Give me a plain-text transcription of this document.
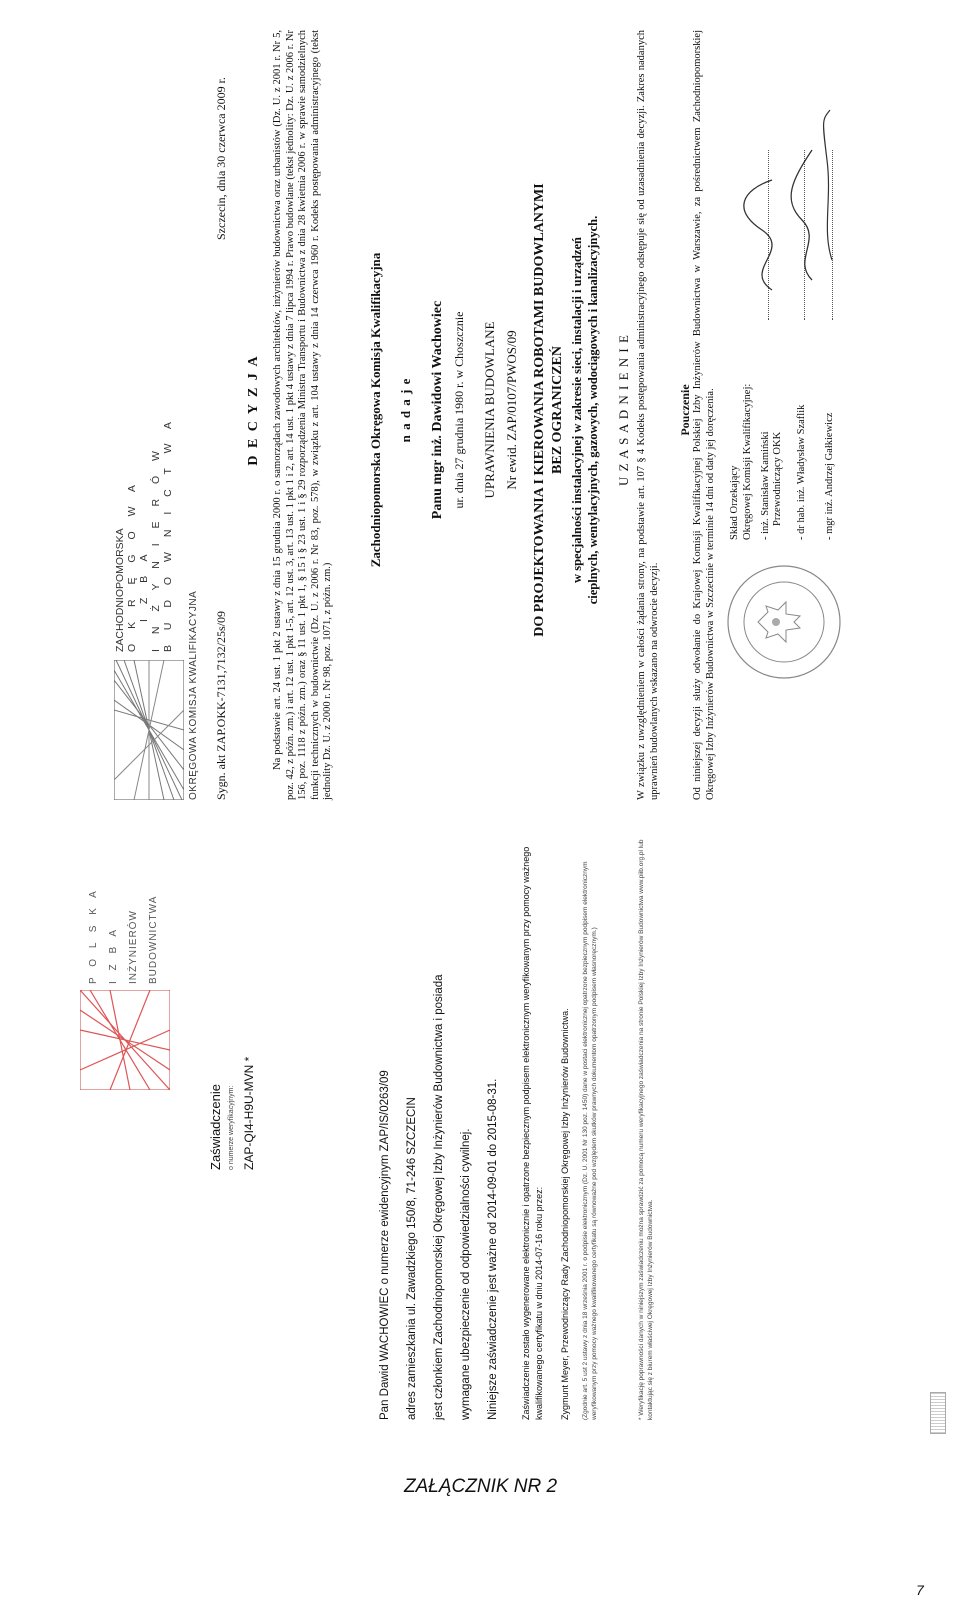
ZACHODNIOPOMORSKA O K R Ę G O W A I Z B A I N Ż Y N I E R Ó W B U D O W N I C T W A
OKRĘGOWA KOMISJA KWALIFIKACYJNA Sygn. akt ZAP.OKK-7131,7132/25s/09
Szczecin, dnia 30 czerwca 2009 r.
D E C Y Z J A Na podstawie art. 24 ust. 1 pkt 2 ustawy z dnia 15 grudnia 2000 r. o samorządach zawodowych architektów, inżynierów budownictwa oraz urbanistów (Dz. U. z 2001 r. Nr 5, poz. 42, z późn. zm.) i art. 12 ust. 1 pkt 1-5, art. 12 ust. 3, art. 13 ust. 1 pkt 1 i 2, art. 14 ust. 1 pkt 4 ustawy z dnia 7 lipca 1994 r. Prawo budowlane (tekst jednolity: Dz. U. z 2006 r. Nr 156, poz. 1118 z późn. zm.) oraz § 11 ust. 1 pkt 1, § 15 i § 23 ust. 1 i § 29 rozporządzenia Ministra Transportu i Budownictwa z dnia 28 kwietnia 2006 r. w sprawie samodzielnych funkcji technicznych w budownictwie (Dz. U. z 2006 r. Nr 83, poz. 578), w związku z art. 104 ustawy z dnia 14 czerwca 1960 r. Kodeks postępowania administracyjnego (tekst jednolity Dz. U. z 2000 r. Nr 98, poz. 1071, z późn. zm.)

Zachodniopomorska Okręgowa Komisja Kwalifikacyjna n a d a j e Panu mgr inż. Dawidowi Wachowiec ur. dnia 27 grudnia 1980 r. w Choszcznie UPRAWNIENIA BUDOWLANE Nr ewid. ZAP/0107/PWOS/09 DO PROJEKTOWANIA I KIEROWANIA ROBOTAMI BUDOWLANYMI BEZ OGRANICZEŃ w specjalności instalacyjnej w zakresie sieci, instalacji i urządzeń cieplnych, wentylacyjnych, gazowych, wodociągowych i kanalizacyjnych. U Z A S A D N I E N I E W związku z uwzględnieniem w całości żądania strony, na podstawie art. 107 § 4 Kodeks postępowania administracyjnego odstępuje się od uzasadnienia decyzji. Zakres nadanych uprawnień budowlanych wskazano na odwrocie decyzji.

Pouczenie Od niniejszej decyzji służy odwołanie do Krajowej Komisji Kwalifikacyjnej Polskiej Izby Inżynierów Budownictwa w Warszawie, za pośrednictwem Zachodniopomorskiej Okręgowej Izby Inżynierów Budownictwa w Szczecinie w terminie 14 dni od daty jej doręczenia. Skład Orzekający Okręgowej Komisji Kwalifikacyjnej: - inż. Stanisław Kamiński Przewodniczący OKK - dr hab. inż. Władysław Szaflik - mgr inż. Andrzej Gałkiewicz
P O L S K A I Z B A INŻYNIERÓW BUDOWNICTWA
Zaświadczenie o numerze weryfikacyjnym: ZAP-QI4-H9U-MVN *	Pan Dawid WACHOWIEC o numerze ewidencyjnym ZAP/IS/0263/09	adres zamieszkania ul. Zawadzkiego 150/8, 71-246 SZCZECIN	jest członkiem Zachodniopomorskiej Okręgowej Izby Inżynierów Budownictwa i posiada	wymagane ubezpieczenie od odpowiedzialności cywilnej.	Niniejsze zaświadczenie jest ważne od 2014-09-01 do 2015-08-31.	Zaświadczenie zostało wygenerowane elektronicznie i opatrzone bezpiecznym podpisem elektronicznym weryfikowanym przy pomocy ważnego kwalifikowanego certyfikatu w dniu 2014-07-16 roku przez: Zygmunt Meyer, Przewodniczący Rady Zachodniopomorskiej Okręgowej Izby Inżynierów Budownictwa. (Zgodnie art. 5 ust 2 ustawy z dnia 18 września 2001 r. o podpisie elektronicznym (Dz. U. 2001 Nr 130 poz. 1450) dane w postaci elektronicznej opatrzone bezpiecznym podpisem elektronicznym weryfikowanym przy pomocy ważnego kwalifikowanego certyfikatu są równoważne pod względem skutków prawnych dokumentom opatrzonym podpisem własnoręcznym.)	* Weryfikację poprawności danych w niniejszym zaświadczeniu można sprawdzić za pomocą numeru weryfikacyjnego zaświadczenia na stronie Polskiej Izby Inżynierów Budownictwa www.piib.org.pl lub kontaktując się z biurem właściwej Okręgowej Izby Inżynierów Budownictwa.

ZAŁĄCZNIK NR 2
7
